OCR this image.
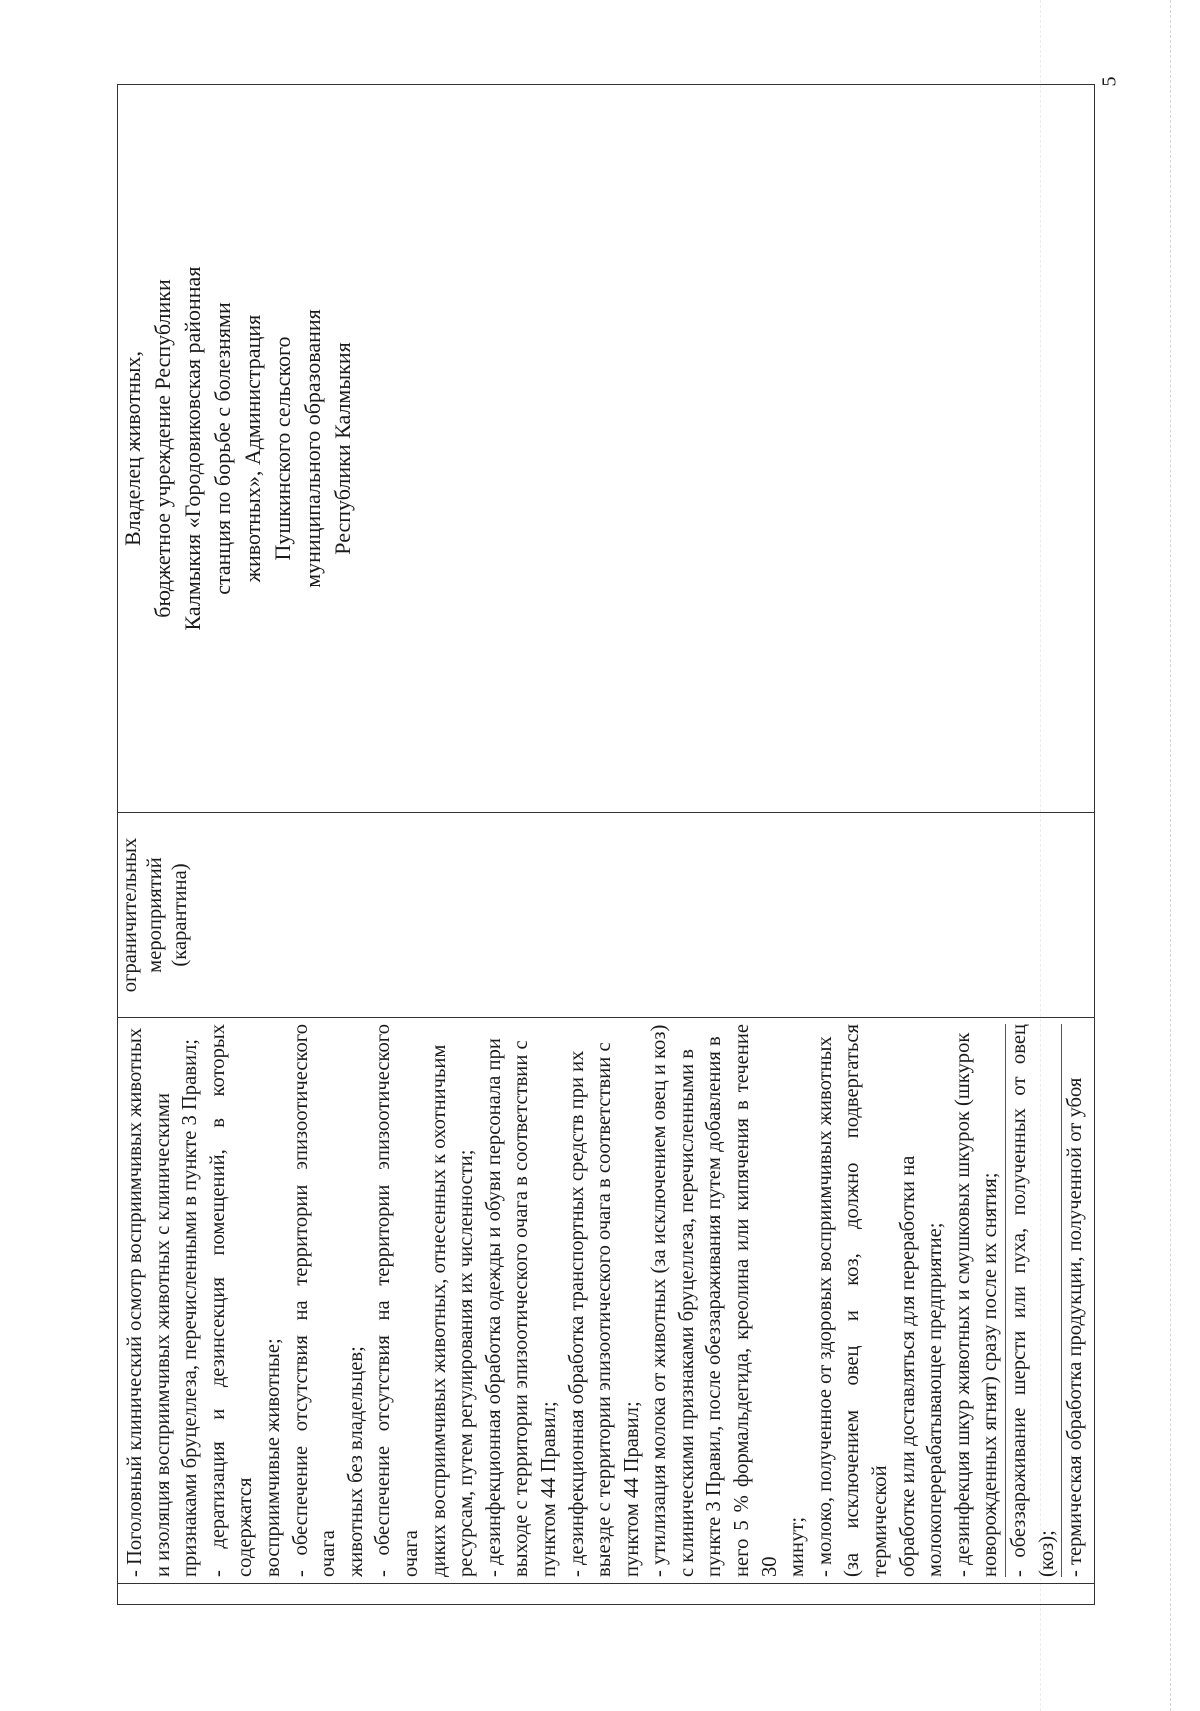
5

- Поголовный клинический осмотр восприимчивых животных и изоляция восприимчивых животных с клиническими признаками бруцеллеза, перечисленными в пункте 3 Правил; - дератизация и дезинсекция помещений, в которых содержатся восприимчивые животные; - обеспечение отсутствия на территории эпизоотического очага животных без владельцев; - обеспечение отсутствия на территории эпизоотического очага диких восприимчивых животных, отнесенных к охотничьим ресурсам, путем регулирования их численности; - дезинфекционная обработка одежды и обуви персонала при выходе с территории эпизоотического очага в соответствии с пунктом 44 Правил; - дезинфекционная обработка транспортных средств при их выезде с территории эпизоотического очага в соответствии с пунктом 44 Правил; - утилизация молока от животных (за исключением овец и коз) с клиническими признаками бруцеллеза, перечисленными в пункте 3 Правил, после обеззараживания путем добавления в него 5 % формальдегида, креолина или кипячения в течение 30 минут; - молоко, полученное от здоровых восприимчивых животных (за исключением овец и коз, должно подвергаться термической обработке или доставляться для переработки на молокоперерабатывающее предприятие; - дезинфекция шкур животных и смушковых шкурок (шкурок новорожденных ягнят) сразу после их снятия; - обеззараживание шерсти или пуха, полученных от овец (коз); - термическая обработка продукции, полученной от убоя

ограничительных мероприятий (карантина)

Владелец животных, бюджетное учреждение Республики Калмыкия «Городовиковская районная станция по борьбе с болезнями животных», Администрация Пушкинского сельского муниципального образования Республики Калмыкия
